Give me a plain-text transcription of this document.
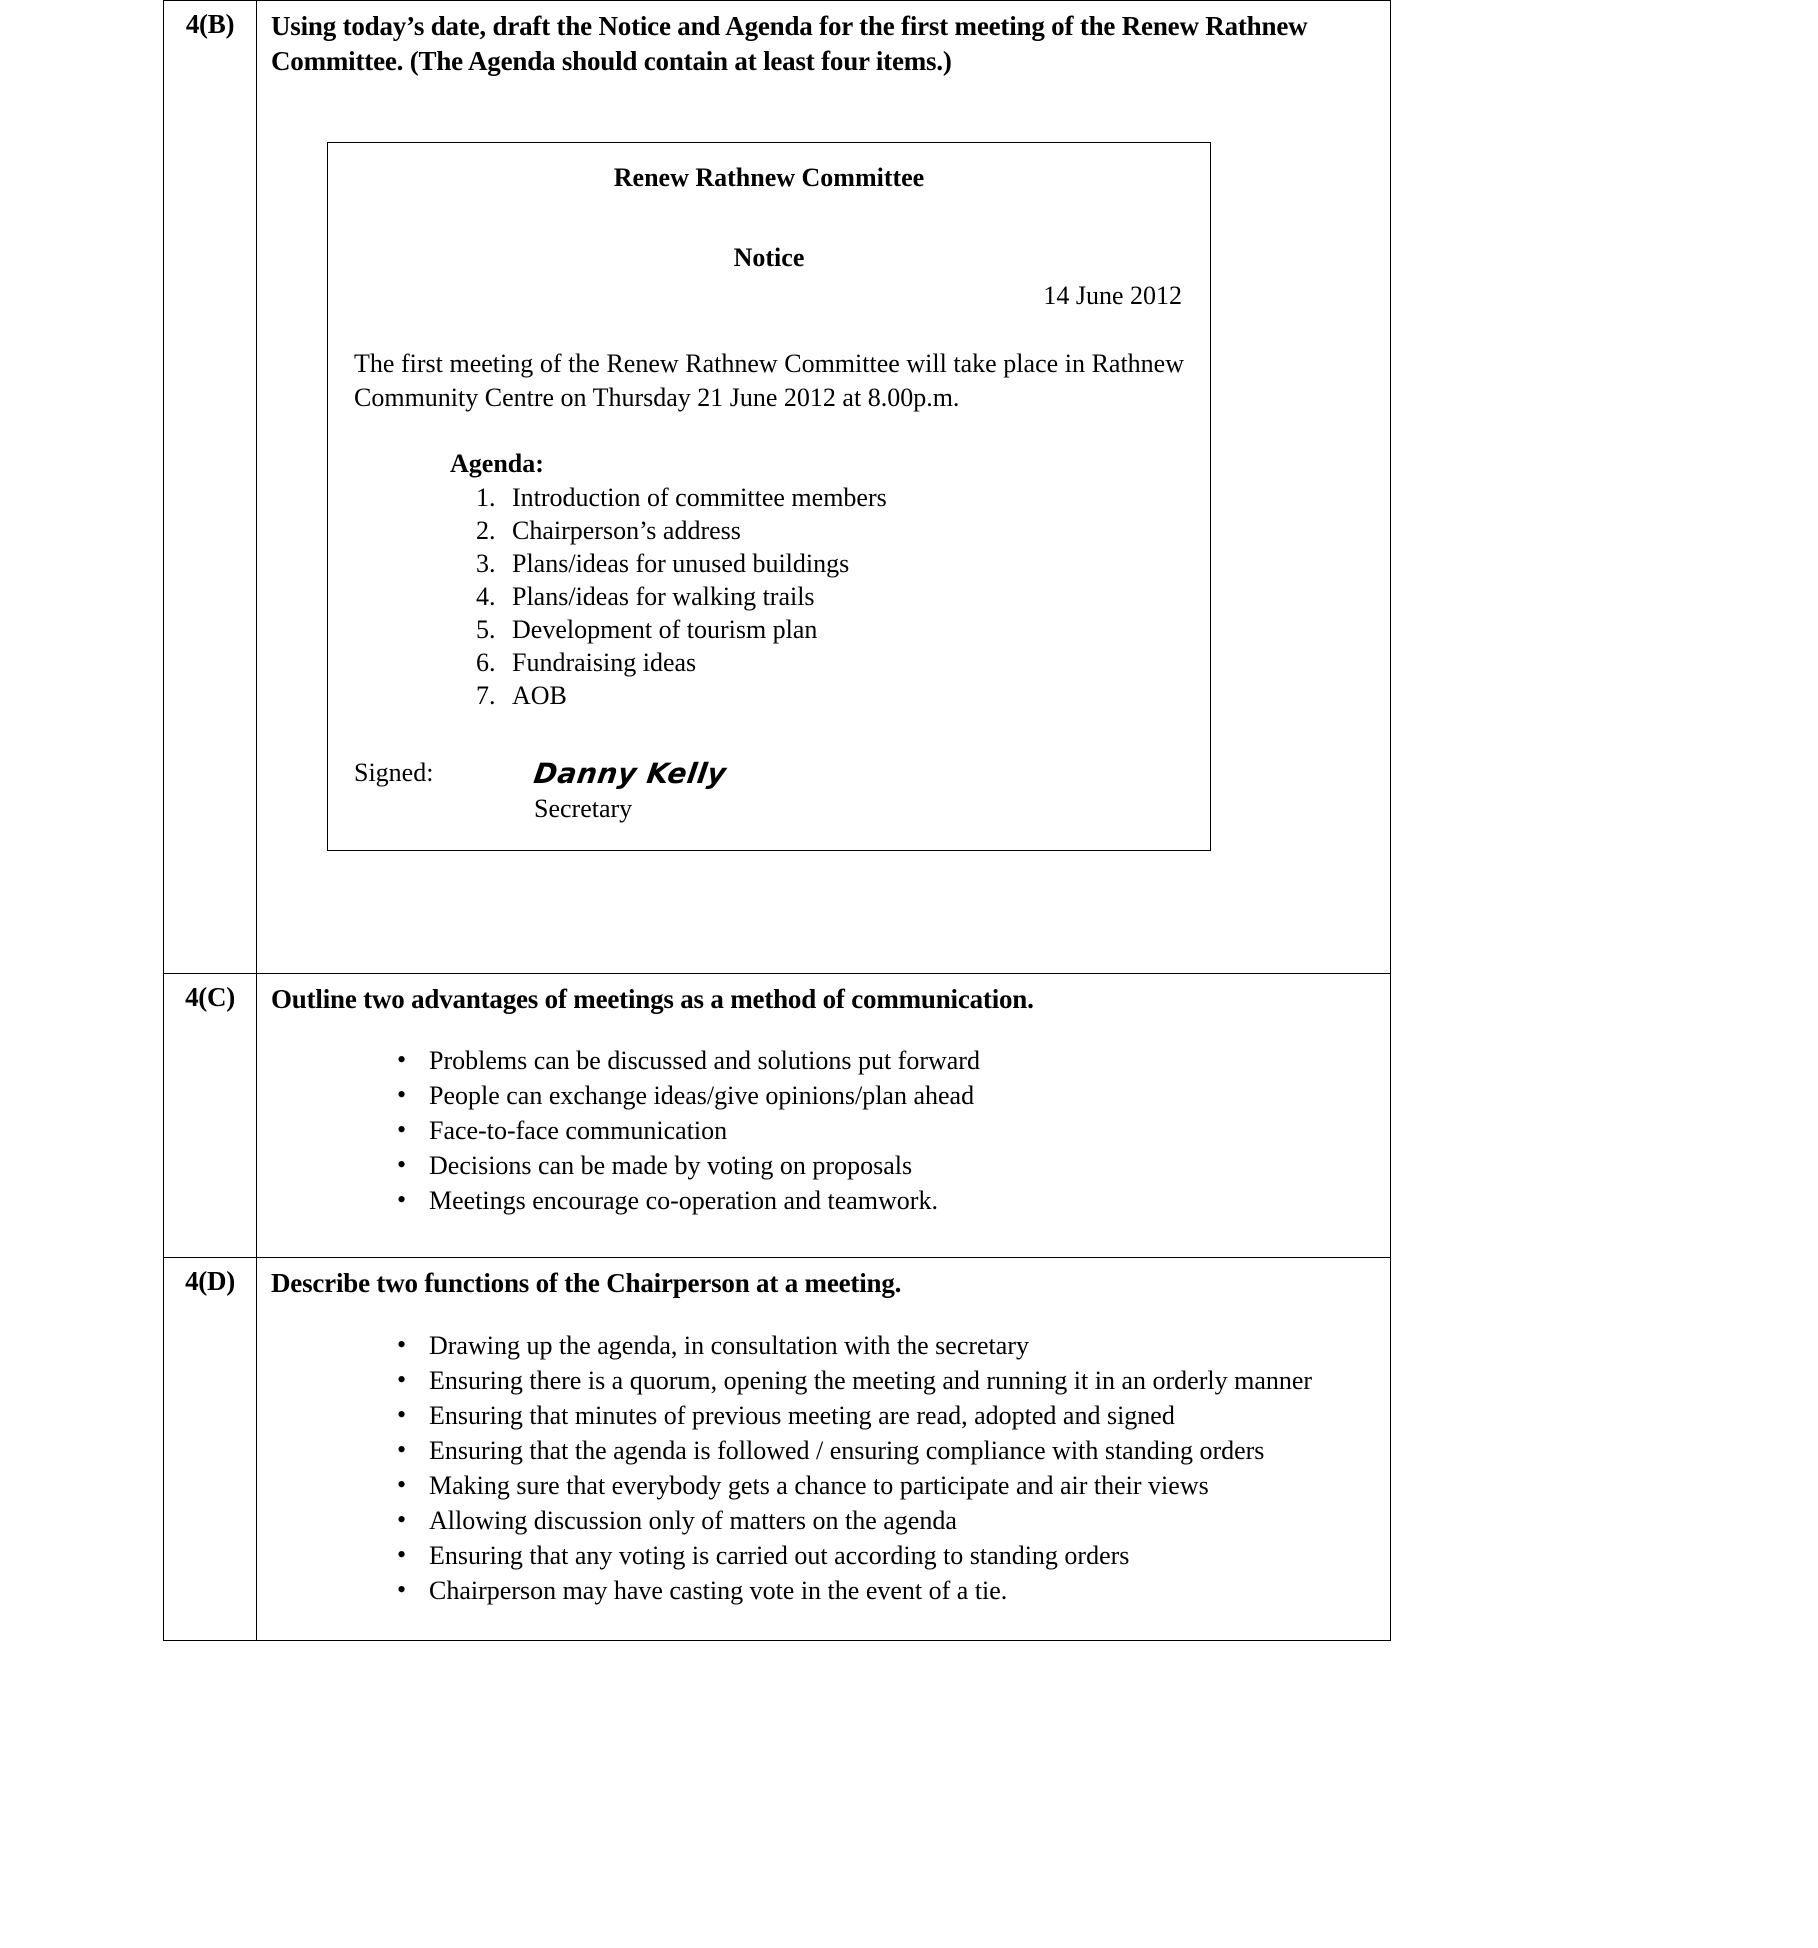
4(B)	Using today’s date, draft the Notice and Agenda for the first meeting of the Renew Rathnew Committee. (The Agenda should contain at least four items.)

Renew Rathnew Committee

Notice

14 June 2012

The first meeting of the Renew Rathnew Committee will take place in Rathnew Community Centre on Thursday 21 June 2012 at 8.00p.m.

Agenda:

1. Introduction of committee members
2. Chairperson’s address
3. Plans/ideas for unused buildings
4. Plans/ideas for walking trails
5. Development of tourism plan
6. Fundraising ideas
7. AOB
Signed:	Danny Kelly
Secretary

4(C)	Outline two advantages of meetings as a method of communication.

• Problems can be discussed and solutions put forward
• People can exchange ideas/give opinions/plan ahead
• Face-to-face communication
• Decisions can be made by voting on proposals
• Meetings encourage co-operation and teamwork.

4(D)	Describe two functions of the Chairperson at a meeting.

• Drawing up the agenda, in consultation with the secretary
• Ensuring there is a quorum, opening the meeting and running it in an orderly manner
• Ensuring that minutes of previous meeting are read, adopted and signed
• Ensuring that the agenda is followed / ensuring compliance with standing orders
• Making sure that everybody gets a chance to participate and air their views
• Allowing discussion only of matters on the agenda
• Ensuring that any voting is carried out according to standing orders
• Chairperson may have casting vote in the event of a tie.
